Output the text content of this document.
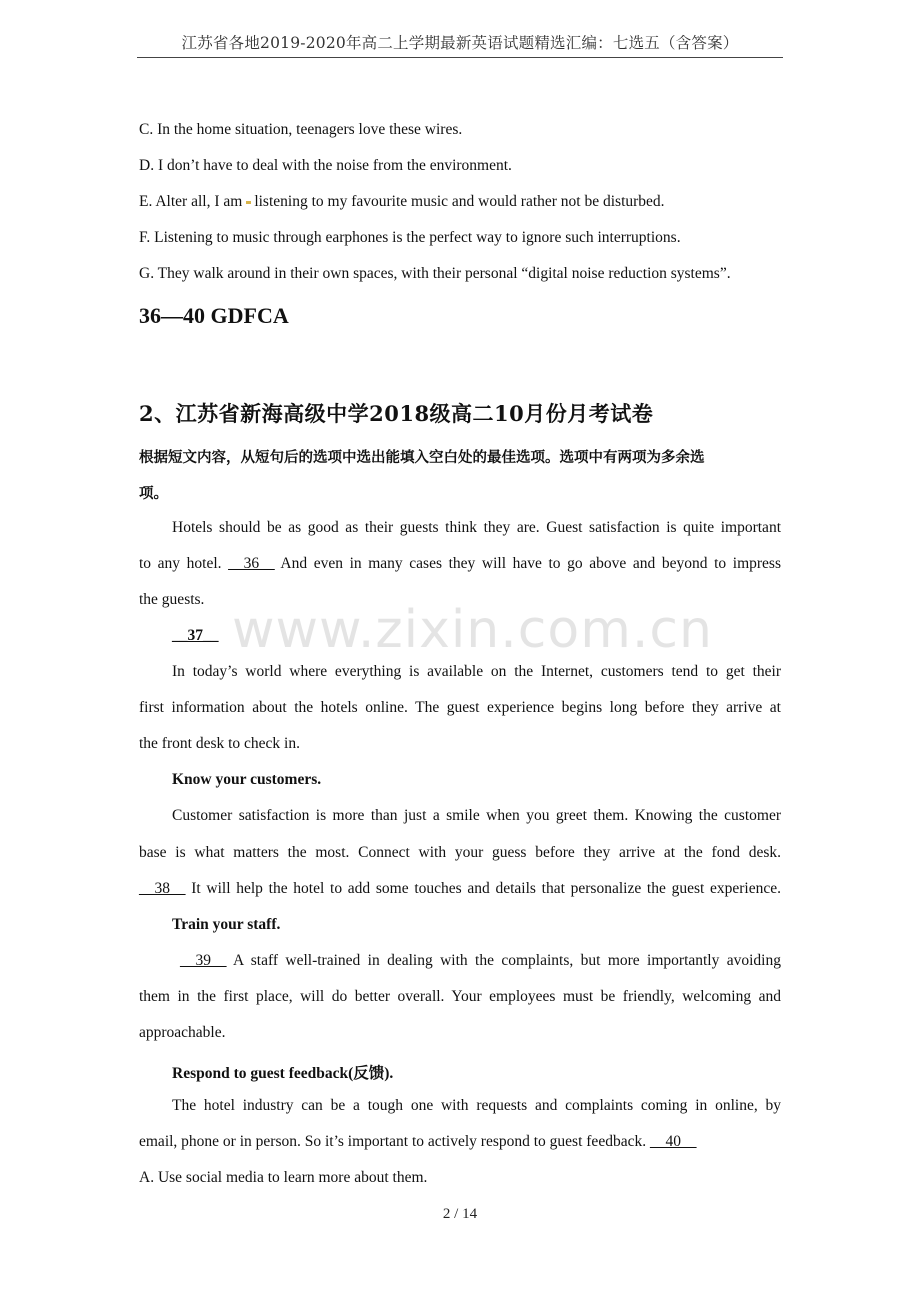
江苏省各地2019-2020年高二上学期最新英语试题精选汇编：七选五（含答案）
C. In the home situation, teenagers love these wires.
D. I don’t have to deal with the noise from the environment.
E. Alter all, I am listening to my favourite music and would rather not be disturbed.
F. Listening to music through earphones is the perfect way to ignore such interruptions.
G. They walk around in their own spaces, with their personal “digital noise reduction systems”.
36—40 GDFCA
2、江苏省新海高级中学2018级高二10月份月考试卷
根据短文内容，从短句后的选项中选出能填入空白处的最佳选项。选项中有两项为多余选
项。
Hotels should be as good as their guests think they are. Guest satisfaction is quite important
to any hotel. __36__ And even in many cases they will have to go above and beyond to impress
the guests.
www.zixin.com.cn
__37__
In today’s world where everything is available on the Internet, customers tend to get their
first information about the hotels online. The guest experience begins long before they arrive at
the front desk to check in.
Know your customers.
Customer satisfaction is more than just a smile when you greet them. Knowing the customer
base is what matters the most. Connect with your guess before they arrive at the fond desk.
__38__ It will help the hotel to add some touches and details that personalize the guest experience.
Train your staff.
__39__ A staff well-trained in dealing with the complaints, but more importantly avoiding
them in the first place, will do better overall. Your employees must be friendly, welcoming and
approachable.
Respond to guest feedback(反馈).
The hotel industry can be a tough one with requests and complaints coming in online, by
email, phone or in person. So it’s important to actively respond to guest feedback. __40__
A. Use social media to learn more about them.
2 / 14
